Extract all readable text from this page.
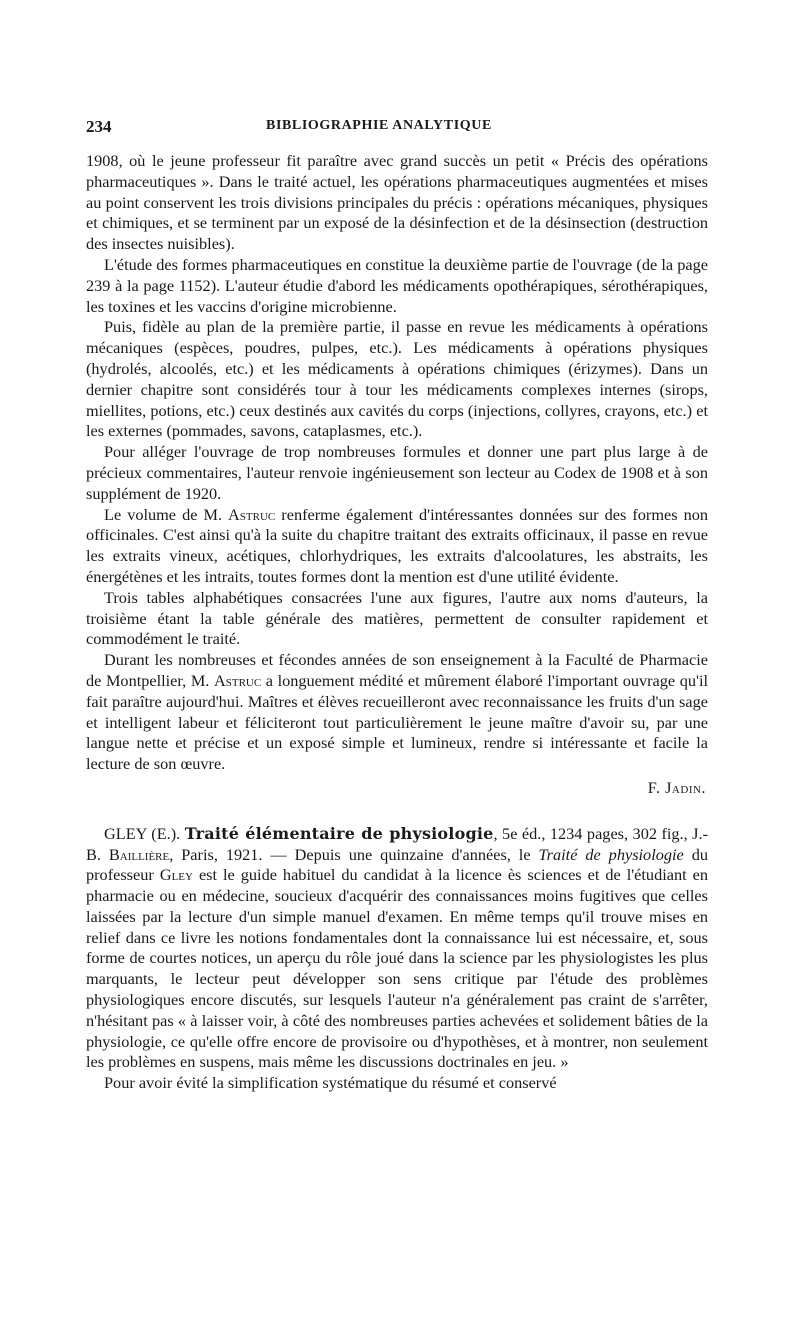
234	BIBLIOGRAPHIE ANALYTIQUE

1908, où le jeune professeur fit paraître avec grand succès un petit « Précis des opérations pharmaceutiques ». Dans le traité actuel, les opérations pharmaceutiques augmentées et mises au point conservent les trois divisions principales du précis : opérations mécaniques, physiques et chimiques, et se terminent par un exposé de la désinfection et de la désinsection (destruction des insectes nuisibles).

L'étude des formes pharmaceutiques en constitue la deuxième partie de l'ouvrage (de la page 239 à la page 1152). L'auteur étudie d'abord les médicaments opothérapiques, sérothérapiques, les toxines et les vaccins d'origine microbienne.

Puis, fidèle au plan de la première partie, il passe en revue les médicaments à opérations mécaniques (espèces, poudres, pulpes, etc.). Les médicaments à opérations physiques (hydrolés, alcoolés, etc.) et les médicaments à opérations chimiques (érizymes). Dans un dernier chapitre sont considérés tour à tour les médicaments complexes internes (sirops, miellites, potions, etc.) ceux destinés aux cavités du corps (injections, collyres, crayons, etc.) et les externes (pommades, savons, cataplasmes, etc.).

Pour alléger l'ouvrage de trop nombreuses formules et donner une part plus large à de précieux commentaires, l'auteur renvoie ingénieusement son lecteur au Codex de 1908 et à son supplément de 1920.

Le volume de M. Astruc renferme également d'intéressantes données sur des formes non officinales. C'est ainsi qu'à la suite du chapitre traitant des extraits officinaux, il passe en revue les extraits vineux, acétiques, chlorhydriques, les extraits d'alcoolatures, les abstraits, les énergétènes et les intraits, toutes formes dont la mention est d'une utilité évidente.

Trois tables alphabétiques consacrées l'une aux figures, l'autre aux noms d'auteurs, la troisième étant la table générale des matières, permettent de consulter rapidement et commodément le traité.

Durant les nombreuses et fécondes années de son enseignement à la Faculté de Pharmacie de Montpellier, M. Astruc a longuement médité et mûrement élaboré l'important ouvrage qu'il fait paraître aujourd'hui. Maîtres et élèves recueilleront avec reconnaissance les fruits d'un sage et intelligent labeur et féliciteront tout particulièrement le jeune maître d'avoir su, par une langue nette et précise et un exposé simple et lumineux, rendre si intéressante et facile la lecture de son œuvre.

F. Jadin.

GLEY (E.). Traité élémentaire de physiologie, 5e éd., 1234 pages, 302 fig., J.-B. Baillière, Paris, 1921. — Depuis une quinzaine d'années, le Traité de physiologie du professeur Gley est le guide habituel du candidat à la licence ès sciences et de l'étudiant en pharmacie ou en médecine, soucieux d'acquérir des connaissances moins fugitives que celles laissées par la lecture d'un simple manuel d'examen. En même temps qu'il trouve mises en relief dans ce livre les notions fondamentales dont la connaissance lui est nécessaire, et, sous forme de courtes notices, un aperçu du rôle joué dans la science par les physiologistes les plus marquants, le lecteur peut développer son sens critique par l'étude des problèmes physiologiques encore discutés, sur lesquels l'auteur n'a généralement pas craint de s'arrêter, n'hésitant pas « à laisser voir, à côté des nombreuses parties achevées et solidement bâties de la physiologie, ce qu'elle offre encore de provisoire ou d'hypothèses, et à montrer, non seulement les problèmes en suspens, mais même les discussions doctrinales en jeu. »

Pour avoir évité la simplification systématique du résumé et conservé
